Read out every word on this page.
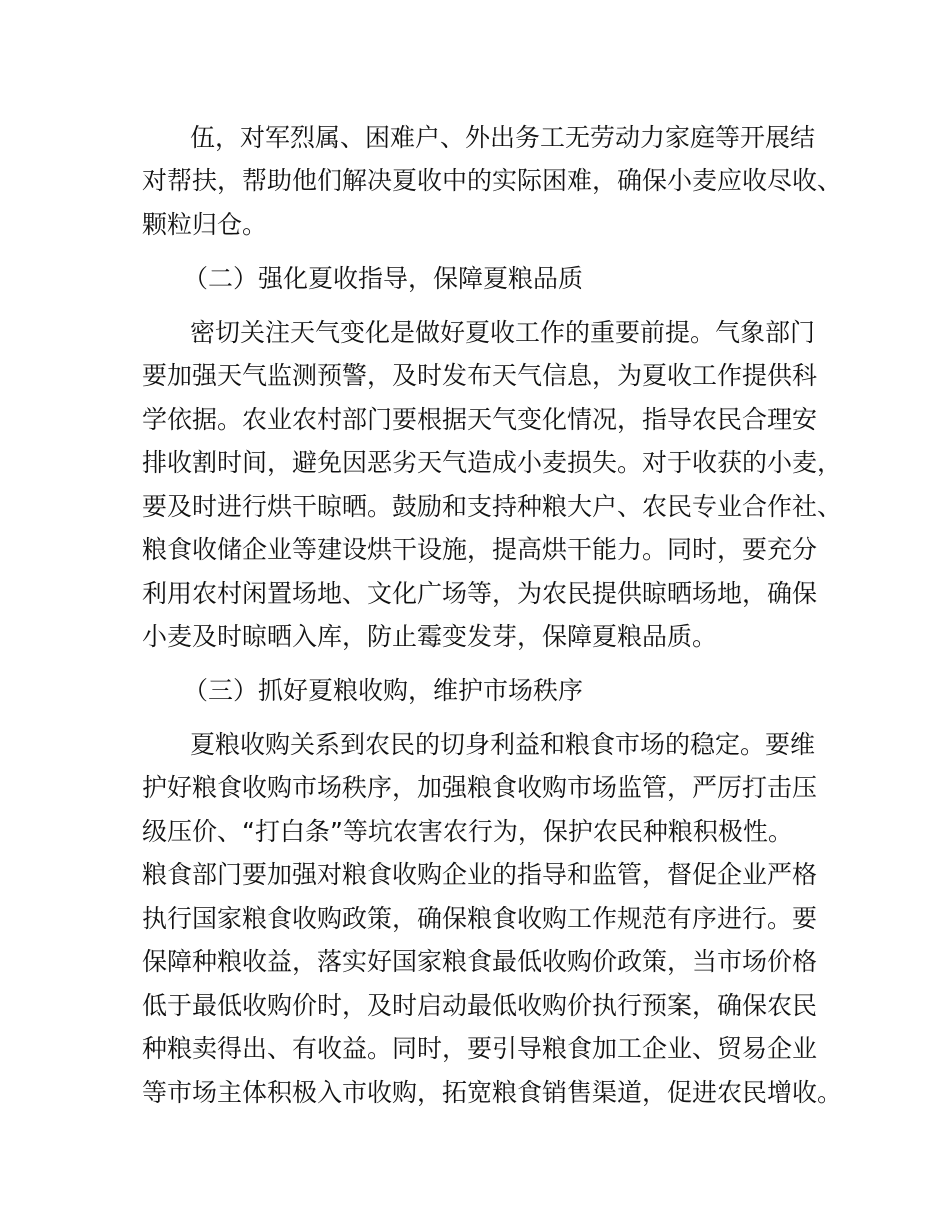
伍，对军烈属、困难户、外出务工无劳动力家庭等开展结
对帮扶，帮助他们解决夏收中的实际困难，确保小麦应收尽收、
颗粒归仓。
（二）强化夏收指导，保障夏粮品质
密切关注天气变化是做好夏收工作的重要前提。气象部门
要加强天气监测预警，及时发布天气信息，为夏收工作提供科
学依据。农业农村部门要根据天气变化情况，指导农民合理安
排收割时间，避免因恶劣天气造成小麦损失。对于收获的小麦，
要及时进行烘干晾晒。鼓励和支持种粮大户、农民专业合作社、
粮食收储企业等建设烘干设施，提高烘干能力。同时，要充分
利用农村闲置场地、文化广场等，为农民提供晾晒场地，确保
小麦及时晾晒入库，防止霉变发芽，保障夏粮品质。
（三）抓好夏粮收购，维护市场秩序
夏粮收购关系到农民的切身利益和粮食市场的稳定。要维
护好粮食收购市场秩序，加强粮食收购市场监管，严厉打击压
级压价、“打白条”等坑农害农行为，保护农民种粮积极性。
粮食部门要加强对粮食收购企业的指导和监管，督促企业严格
执行国家粮食收购政策，确保粮食收购工作规范有序进行。要
保障种粮收益，落实好国家粮食最低收购价政策，当市场价格
低于最低收购价时，及时启动最低收购价执行预案，确保农民
种粮卖得出、有收益。同时，要引导粮食加工企业、贸易企业
等市场主体积极入市收购，拓宽粮食销售渠道，促进农民增收。
